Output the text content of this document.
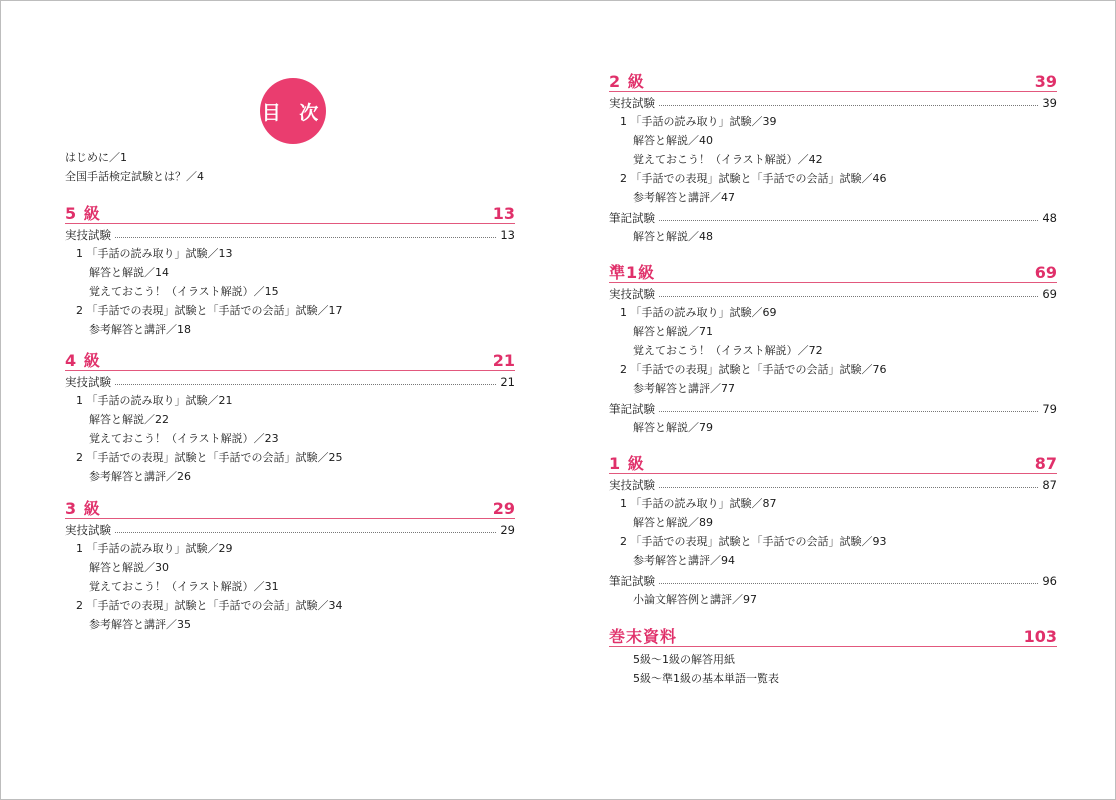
目 次
はじめに／1
全国手話検定試験とは？／4
5 級	13
実技試験	13
1 「手話の読み取り」試験／13
解答と解説／14
覚えておこう！（イラスト解説）／15
2 「手話での表現」試験と「手話での会話」試験／17
参考解答と講評／18
4 級	21
実技試験	21
1 「手話の読み取り」試験／21
解答と解説／22
覚えておこう！（イラスト解説）／23
2 「手話での表現」試験と「手話での会話」試験／25
参考解答と講評／26
3 級	29
実技試験	29
1 「手話の読み取り」試験／29
解答と解説／30
覚えておこう！（イラスト解説）／31
2 「手話での表現」試験と「手話での会話」試験／34
参考解答と講評／35
2 級	39
実技試験	39
1 「手話の読み取り」試験／39
解答と解説／40
覚えておこう！（イラスト解説）／42
2 「手話での表現」試験と「手話での会話」試験／46
参考解答と講評／47
筆記試験	48
解答と解説／48
準1級	69
実技試験	69
1 「手話の読み取り」試験／69
解答と解説／71
覚えておこう！（イラスト解説）／72
2 「手話での表現」試験と「手話での会話」試験／76
参考解答と講評／77
筆記試験	79
解答と解説／79
1 級	87
実技試験	87
1 「手話の読み取り」試験／87
解答と解説／89
2 「手話での表現」試験と「手話での会話」試験／93
参考解答と講評／94
筆記試験	96
小論文解答例と講評／97
巻末資料	103
5級〜1級の解答用紙
5級〜準1級の基本単語一覧表
